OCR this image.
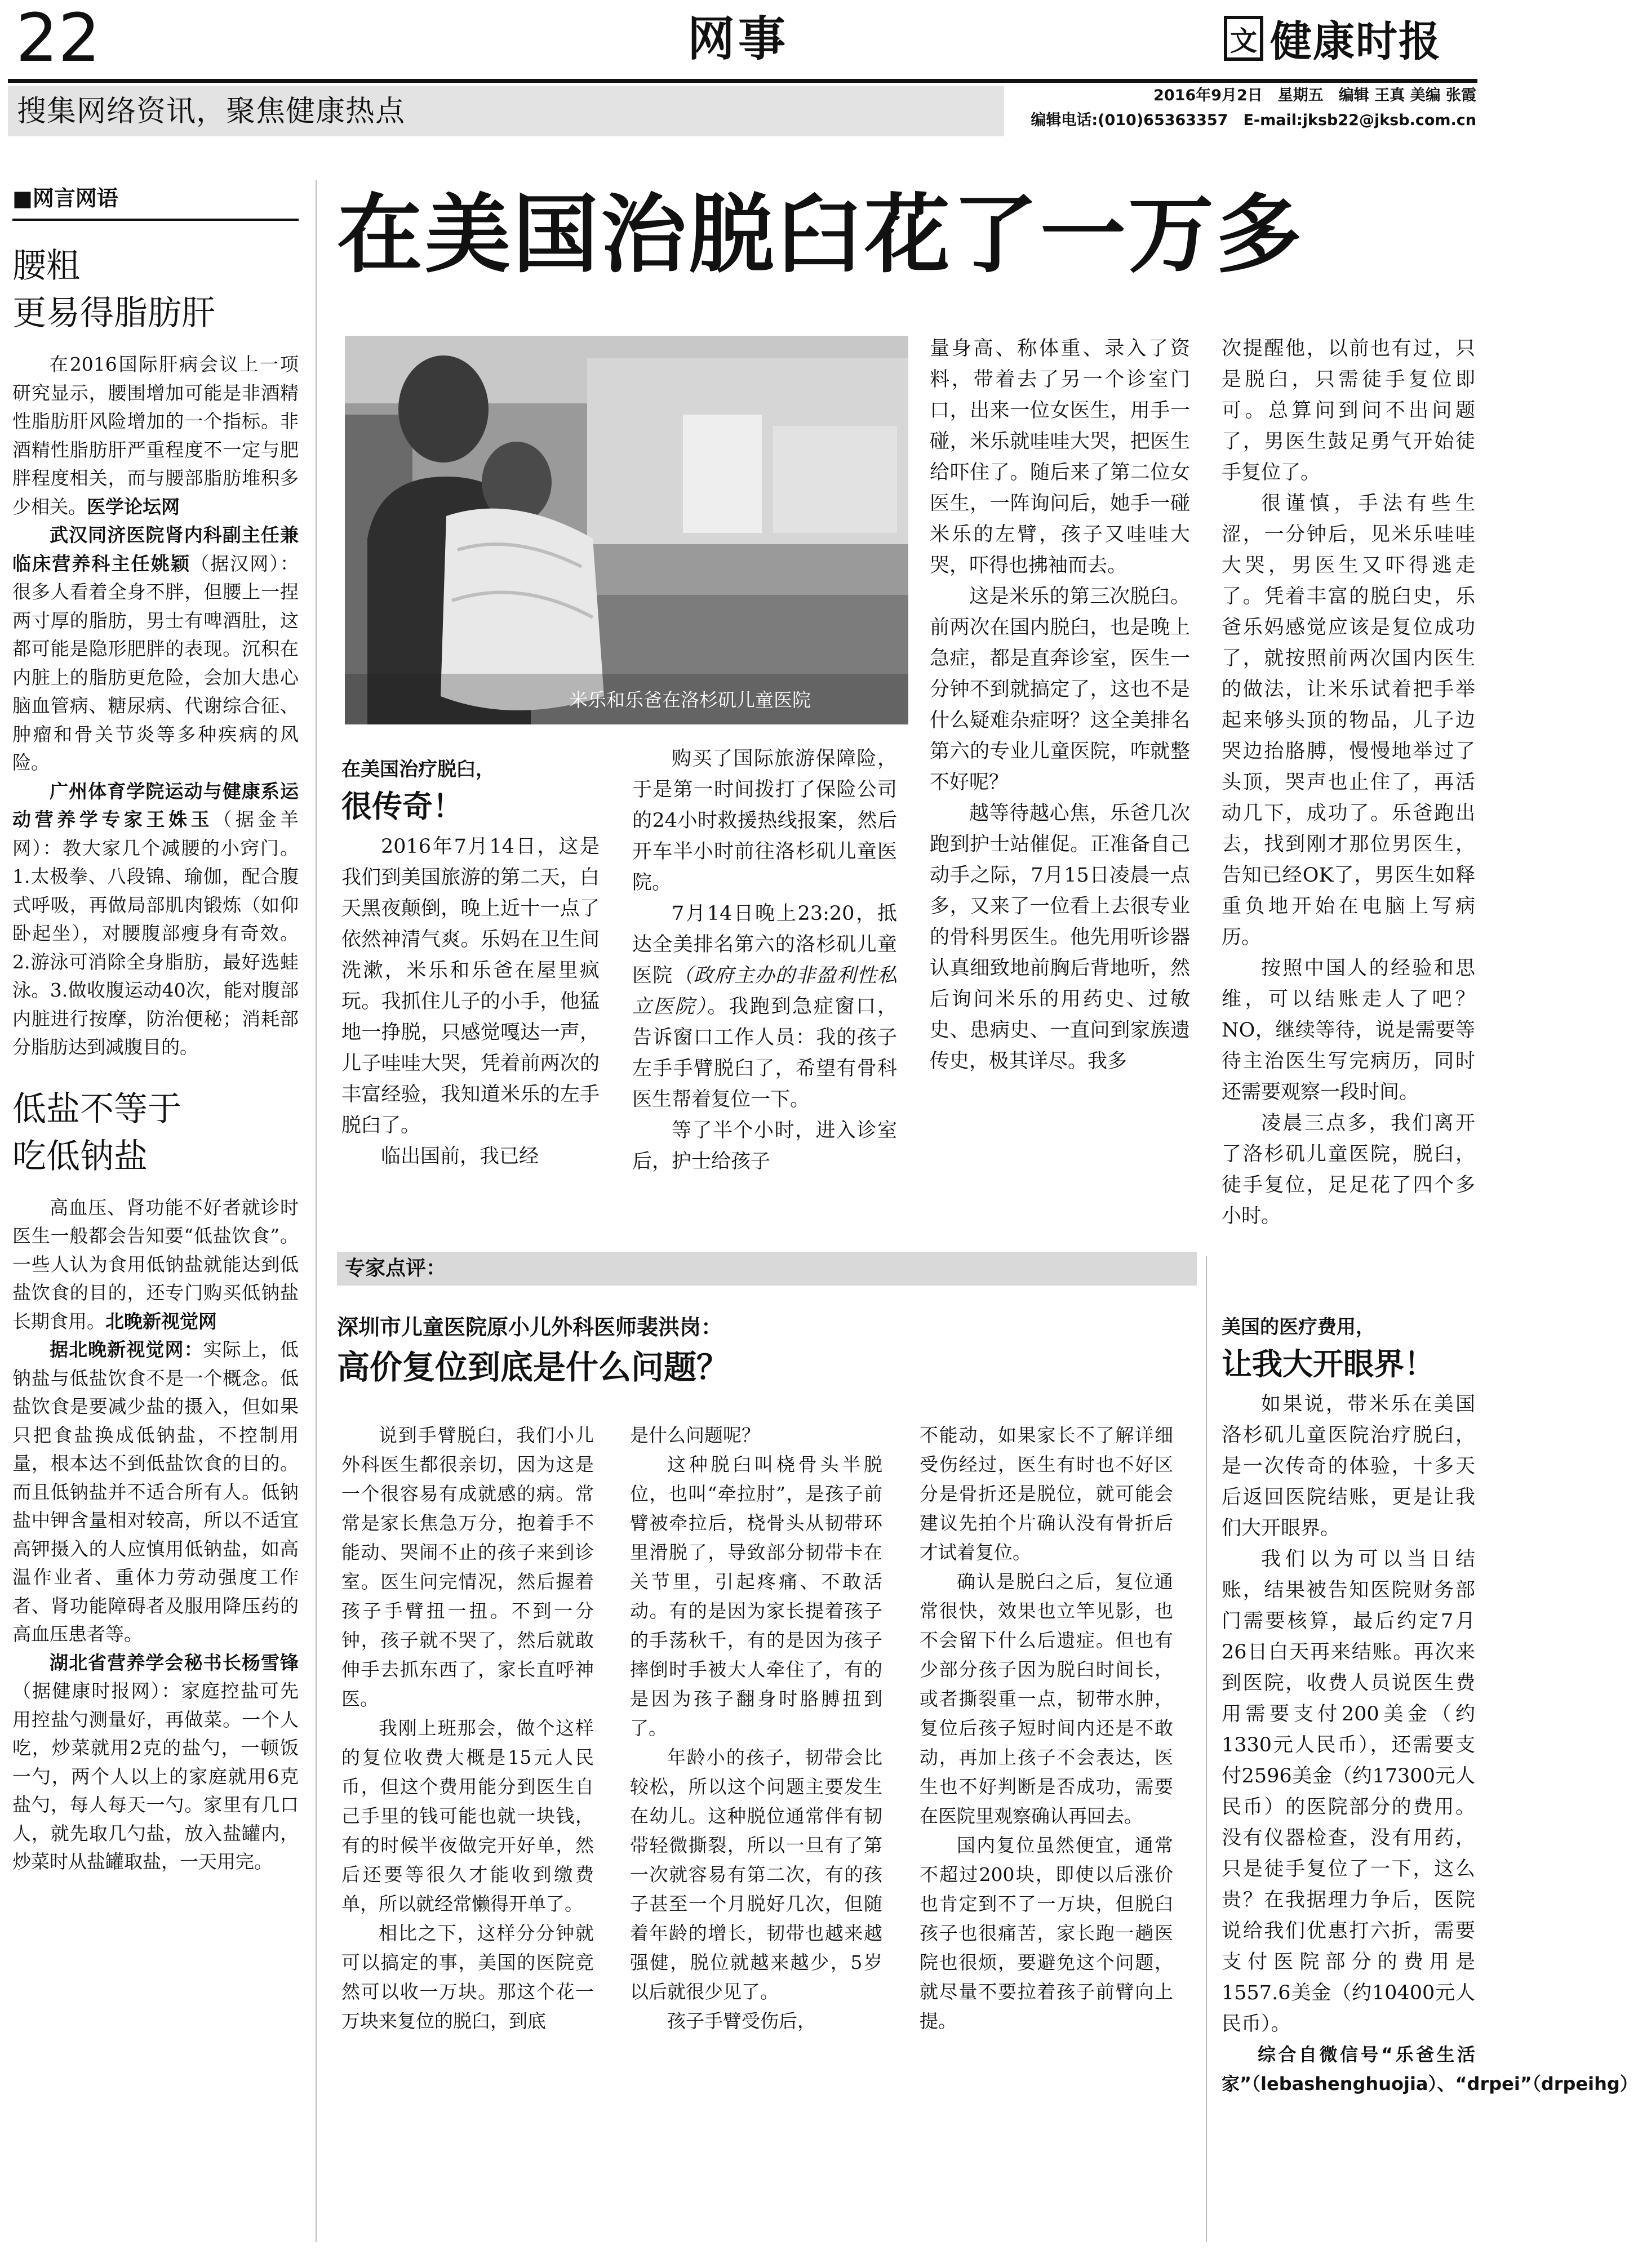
22	网事	文 健康时报
搜集网络资讯，聚焦健康热点	2016年9月2日　星期五　编辑 王真 美编 张霞
编辑电话:(010)65363357　E-mail:jksb22@jksb.com.cn
■网言网语

腰粗

更易得脂肪肝

在2016国际肝病会议上一项研究显示，腰围增加可能是非酒精性脂肪肝风险增加的一个指标。非酒精性脂肪肝严重程度不一定与肥胖程度相关，而与腰部脂肪堆积多少相关。医学论坛网

武汉同济医院肾内科副主任兼临床营养科主任姚颖（据汉网）：很多人看着全身不胖，但腰上一捏两寸厚的脂肪，男士有啤酒肚，这都可能是隐形肥胖的表现。沉积在内脏上的脂肪更危险，会加大患心脑血管病、糖尿病、代谢综合征、肿瘤和骨关节炎等多种疾病的风险。

广州体育学院运动与健康系运动营养学专家王姝玉（据金羊网）：教大家几个减腰的小窍门。1.太极拳、八段锦、瑜伽，配合腹式呼吸，再做局部肌肉锻炼（如仰卧起坐），对腰腹部瘦身有奇效。2.游泳可消除全身脂肪，最好选蛙泳。3.做收腹运动40次，能对腹部内脏进行按摩，防治便秘；消耗部分脂肪达到减腹目的。

低盐不等于

吃低钠盐

高血压、肾功能不好者就诊时医生一般都会告知要“低盐饮食”。一些人认为食用低钠盐就能达到低盐饮食的目的，还专门购买低钠盐长期食用。北晚新视觉网

据北晚新视觉网：实际上，低钠盐与低盐饮食不是一个概念。低盐饮食是要减少盐的摄入，但如果只把食盐换成低钠盐，不控制用量，根本达不到低盐饮食的目的。而且低钠盐并不适合所有人。低钠盐中钾含量相对较高，所以不适宜高钾摄入的人应慎用低钠盐，如高温作业者、重体力劳动强度工作者、肾功能障碍者及服用降压药的高血压患者等。

湖北省营养学会秘书长杨雪锋（据健康时报网）：家庭控盐可先用控盐勺测量好，再做菜。一个人吃，炒菜就用2克的盐勺，一顿饭一勺，两个人以上的家庭就用6克盐勺，每人每天一勺。家里有几口人，就先取几勺盐，放入盐罐内，炒菜时从盐罐取盐，一天用完。

在美国治脱臼花了一万多
米乐和乐爸在洛杉矶儿童医院

在美国治疗脱臼，

很传奇！

2016年7月14日，这是我们到美国旅游的第二天，白天黑夜颠倒，晚上近十一点了依然神清气爽。乐妈在卫生间洗漱，米乐和乐爸在屋里疯玩。我抓住儿子的小手，他猛地一挣脱，只感觉嘎达一声，儿子哇哇大哭，凭着前两次的丰富经验，我知道米乐的左手脱臼了。

临出国前，我已经

购买了国际旅游保障险，于是第一时间拨打了保险公司的24小时救援热线报案，然后开车半小时前往洛杉矶儿童医院。

7月14日晚上23:20，抵达全美排名第六的洛杉矶儿童医院（政府主办的非盈利性私立医院）。我跑到急症窗口，告诉窗口工作人员：我的孩子左手手臂脱臼了，希望有骨科医生帮着复位一下。

等了半个小时，进入诊室后，护士给孩子

量身高、称体重、录入了资料，带着去了另一个诊室门口，出来一位女医生，用手一碰，米乐就哇哇大哭，把医生给吓住了。随后来了第二位女医生，一阵询问后，她手一碰米乐的左臂，孩子又哇哇大哭，吓得也拂袖而去。

这是米乐的第三次脱臼。前两次在国内脱臼，也是晚上急症，都是直奔诊室，医生一分钟不到就搞定了，这也不是什么疑难杂症呀？这全美排名第六的专业儿童医院，咋就整不好呢？

越等待越心焦，乐爸几次跑到护士站催促。正准备自己动手之际，7月15日凌晨一点多，又来了一位看上去很专业的骨科男医生。他先用听诊器认真细致地前胸后背地听，然后询问米乐的用药史、过敏史、患病史、一直问到家族遗传史，极其详尽。我多

次提醒他，以前也有过，只是脱臼，只需徒手复位即可。总算问到问不出问题了，男医生鼓足勇气开始徒手复位了。

很谨慎，手法有些生涩，一分钟后，见米乐哇哇大哭，男医生又吓得逃走了。凭着丰富的脱臼史，乐爸乐妈感觉应该是复位成功了，就按照前两次国内医生的做法，让米乐试着把手举起来够头顶的物品，儿子边哭边抬胳膊，慢慢地举过了头顶，哭声也止住了，再活动几下，成功了。乐爸跑出去，找到刚才那位男医生，告知已经OK了，男医生如释重负地开始在电脑上写病历。

按照中国人的经验和思维，可以结账走人了吧？NO，继续等待，说是需要等待主治医生写完病历，同时还需要观察一段时间。

凌晨三点多，我们离开了洛杉矶儿童医院，脱臼，徒手复位，足足花了四个多小时。

美国的医疗费用，

让我大开眼界！

如果说，带米乐在美国洛杉矶儿童医院治疗脱臼，是一次传奇的体验，十多天后返回医院结账，更是让我们大开眼界。

我们以为可以当日结账，结果被告知医院财务部门需要核算，最后约定7月26日白天再来结账。再次来到医院，收费人员说医生费用需要支付200美金（约1330元人民币），还需要支付2596美金（约17300元人民币）的医院部分的费用。没有仪器检查，没有用药，只是徒手复位了一下，这么贵？在我据理力争后，医院说给我们优惠打六折，需要支付医院部分的费用是1557.6美金（约10400元人民币）。

综合自微信号“乐爸生活家”（lebashenghuojia）、“drpei”（drpeihg）

专家点评：
深圳市儿童医院原小儿外科医师裴洪岗：
高价复位到底是什么问题？

说到手臂脱臼，我们小儿外科医生都很亲切，因为这是一个很容易有成就感的病。常常是家长焦急万分，抱着手不能动、哭闹不止的孩子来到诊室。医生问完情况，然后握着孩子手臂扭一扭。不到一分钟，孩子就不哭了，然后就敢伸手去抓东西了，家长直呼神医。

我刚上班那会，做个这样的复位收费大概是15元人民币，但这个费用能分到医生自己手里的钱可能也就一块钱，有的时候半夜做完开好单，然后还要等很久才能收到缴费单，所以就经常懒得开单了。

相比之下，这样分分钟就可以搞定的事，美国的医院竟然可以收一万块。那这个花一万块来复位的脱臼，到底

是什么问题呢？

这种脱臼叫桡骨头半脱位，也叫“牵拉肘”，是孩子前臂被牵拉后，桡骨头从韧带环里滑脱了，导致部分韧带卡在关节里，引起疼痛、不敢活动。有的是因为家长提着孩子的手荡秋千，有的是因为孩子摔倒时手被大人牵住了，有的是因为孩子翻身时胳膊扭到了。

年龄小的孩子，韧带会比较松，所以这个问题主要发生在幼儿。这种脱位通常伴有韧带轻微撕裂，所以一旦有了第一次就容易有第二次，有的孩子甚至一个月脱好几次，但随着年龄的增长，韧带也越来越强健，脱位就越来越少，5岁以后就很少见了。

孩子手臂受伤后，

不能动，如果家长不了解详细受伤经过，医生有时也不好区分是骨折还是脱位，就可能会建议先拍个片确认没有骨折后才试着复位。

确认是脱臼之后，复位通常很快，效果也立竿见影，也不会留下什么后遗症。但也有少部分孩子因为脱臼时间长，或者撕裂重一点，韧带水肿，复位后孩子短时间内还是不敢动，再加上孩子不会表达，医生也不好判断是否成功，需要在医院里观察确认再回去。

国内复位虽然便宜，通常不超过200块，即使以后涨价也肯定到不了一万块，但脱臼孩子也很痛苦，家长跑一趟医院也很烦，要避免这个问题，就尽量不要拉着孩子前臂向上提。
